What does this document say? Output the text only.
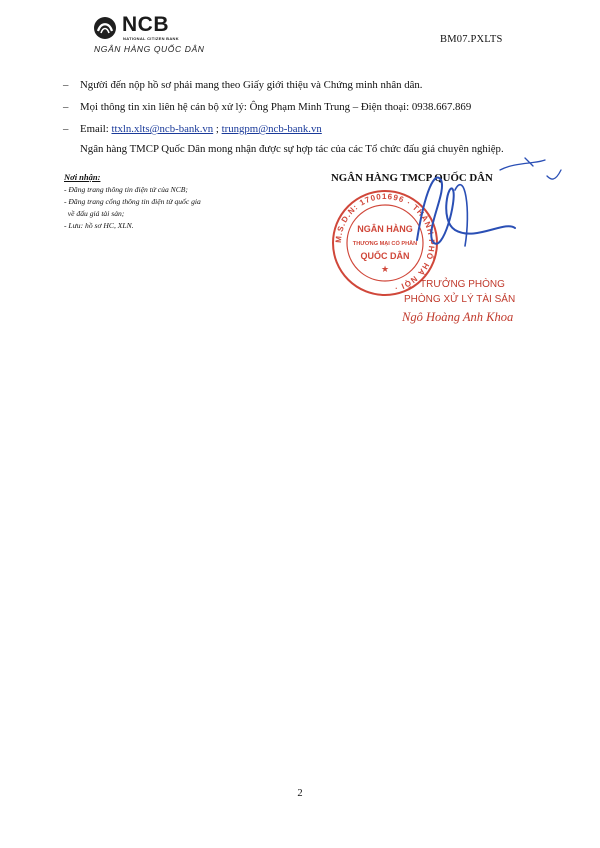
NCB
NATIONAL CITIZEN BANK
NGÂN HÀNG QUỐC DÂN
BM07.PXLTS
– Người đến nộp hồ sơ phải mang theo Giấy giới thiệu và Chứng minh nhân dân.
– Mọi thông tin xin liên hệ cán bộ xử lý: Ông Phạm Minh Trung – Điện thoại: 0938.667.869
– Email: ttxln.xlts@ncb-bank.vn ; trungpm@ncb-bank.vn
Ngân hàng TMCP Quốc Dân mong nhận được sự hợp tác của các Tổ chức đấu giá chuyên nghiệp.
Nơi nhận:
- Đăng trang thông tin điện tử của NCB;
- Đăng trang cổng thông tin điện tử quốc gia
về đấu giá tài sản;
- Lưu: hồ sơ HC, XLN.
NGÂN HÀNG TMCP QUỐC DÂN
M.S.D.N: 17001696 · THÀNH PHỐ HÀ NỘI ·
NGÂN HÀNG
THƯƠNG MẠI CỔ PHẦN
QUỐC DÂN
★
TRƯỞNG PHÒNG
PHÒNG XỬ LÝ TÀI SẢN
Ngô Hoàng Anh Khoa
2
